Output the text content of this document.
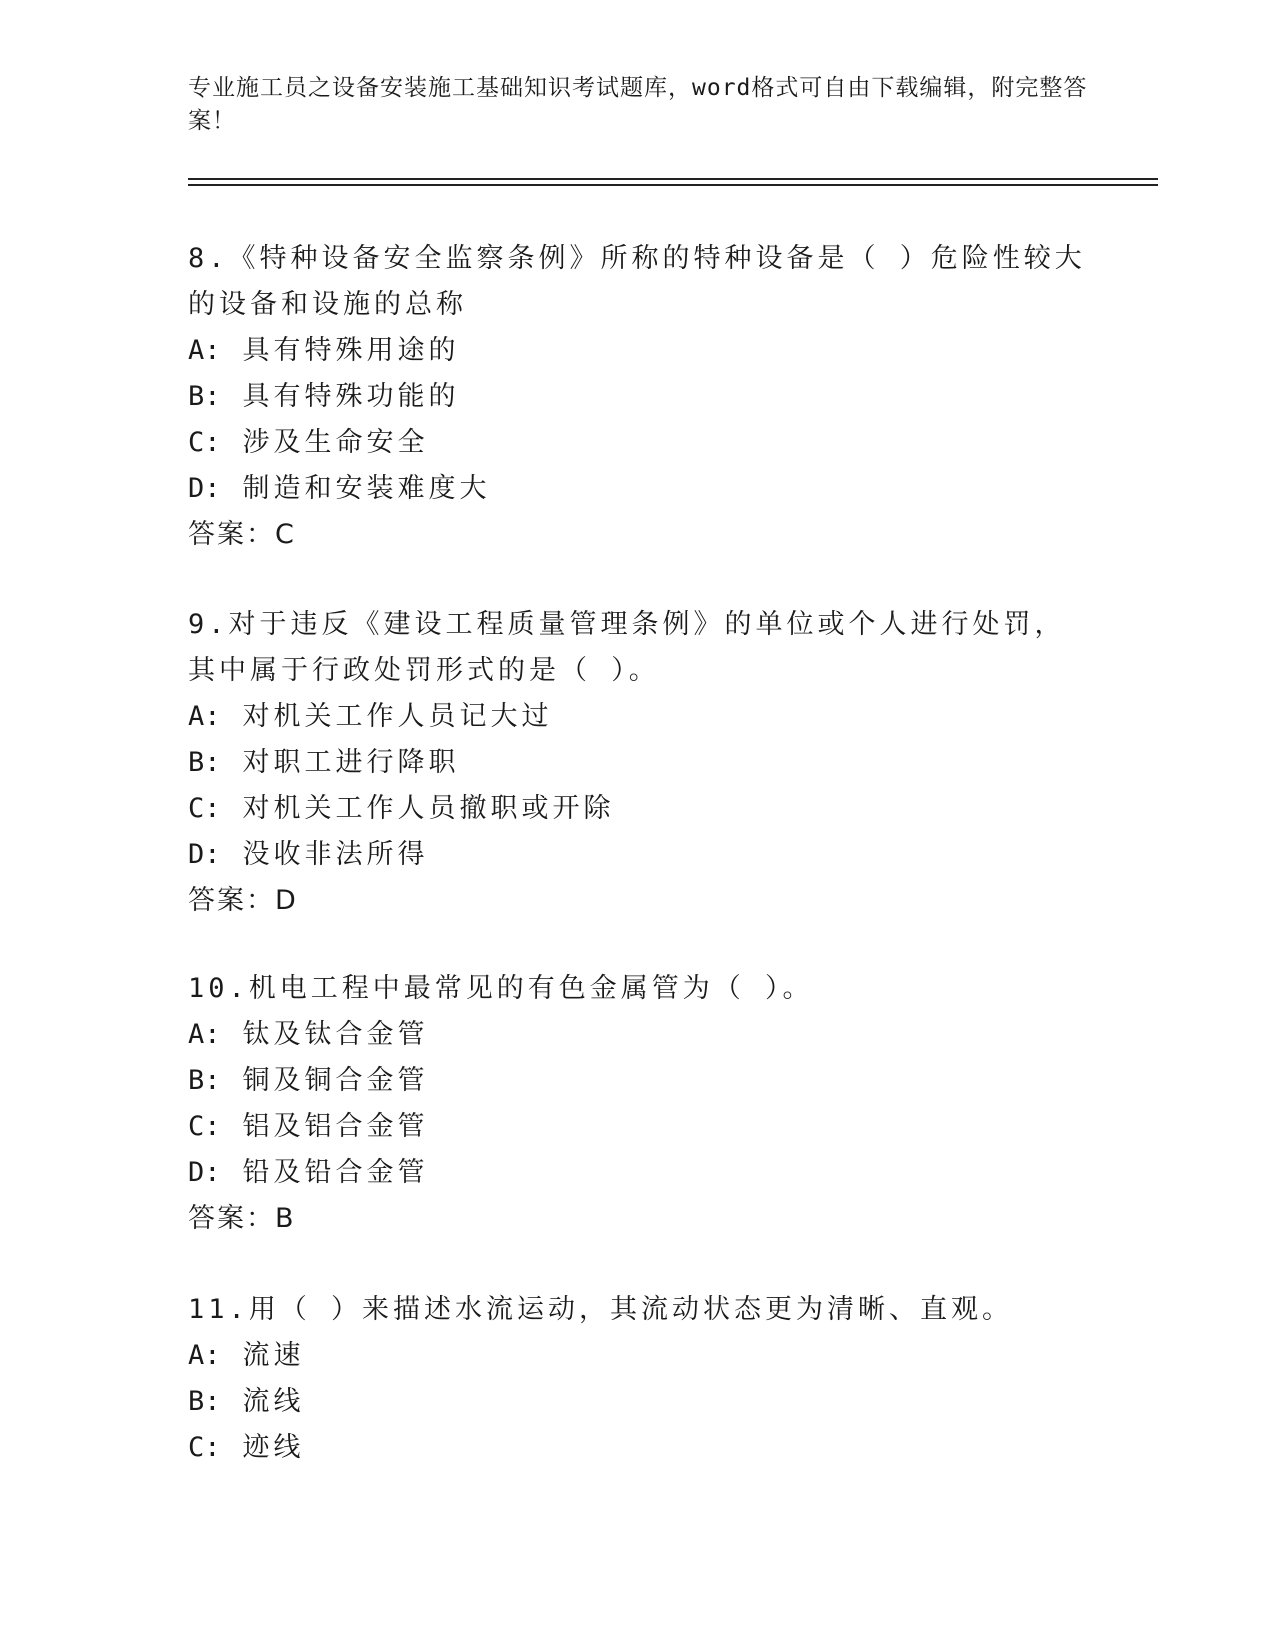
专业施工员之设备安装施工基础知识考试题库，word格式可自由下载编辑，附完整答案！

8.《特种设备安全监察条例》所称的特种设备是（ ）危险性较大的设备和设施的总称

A: 具有特殊用途的

B: 具有特殊功能的

C: 涉及生命安全

D: 制造和安装难度大

答案：C

9.对于违反《建设工程质量管理条例》的单位或个人进行处罚，其中属于行政处罚形式的是（ ）。

A: 对机关工作人员记大过

B: 对职工进行降职

C: 对机关工作人员撤职或开除

D: 没收非法所得

答案：D

10.机电工程中最常见的有色金属管为（ ）。

A: 钛及钛合金管

B: 铜及铜合金管

C: 铝及铝合金管

D: 铅及铅合金管

答案：B

11.用（ ）来描述水流运动，其流动状态更为清晰、直观。

A: 流速

B: 流线

C: 迹线
